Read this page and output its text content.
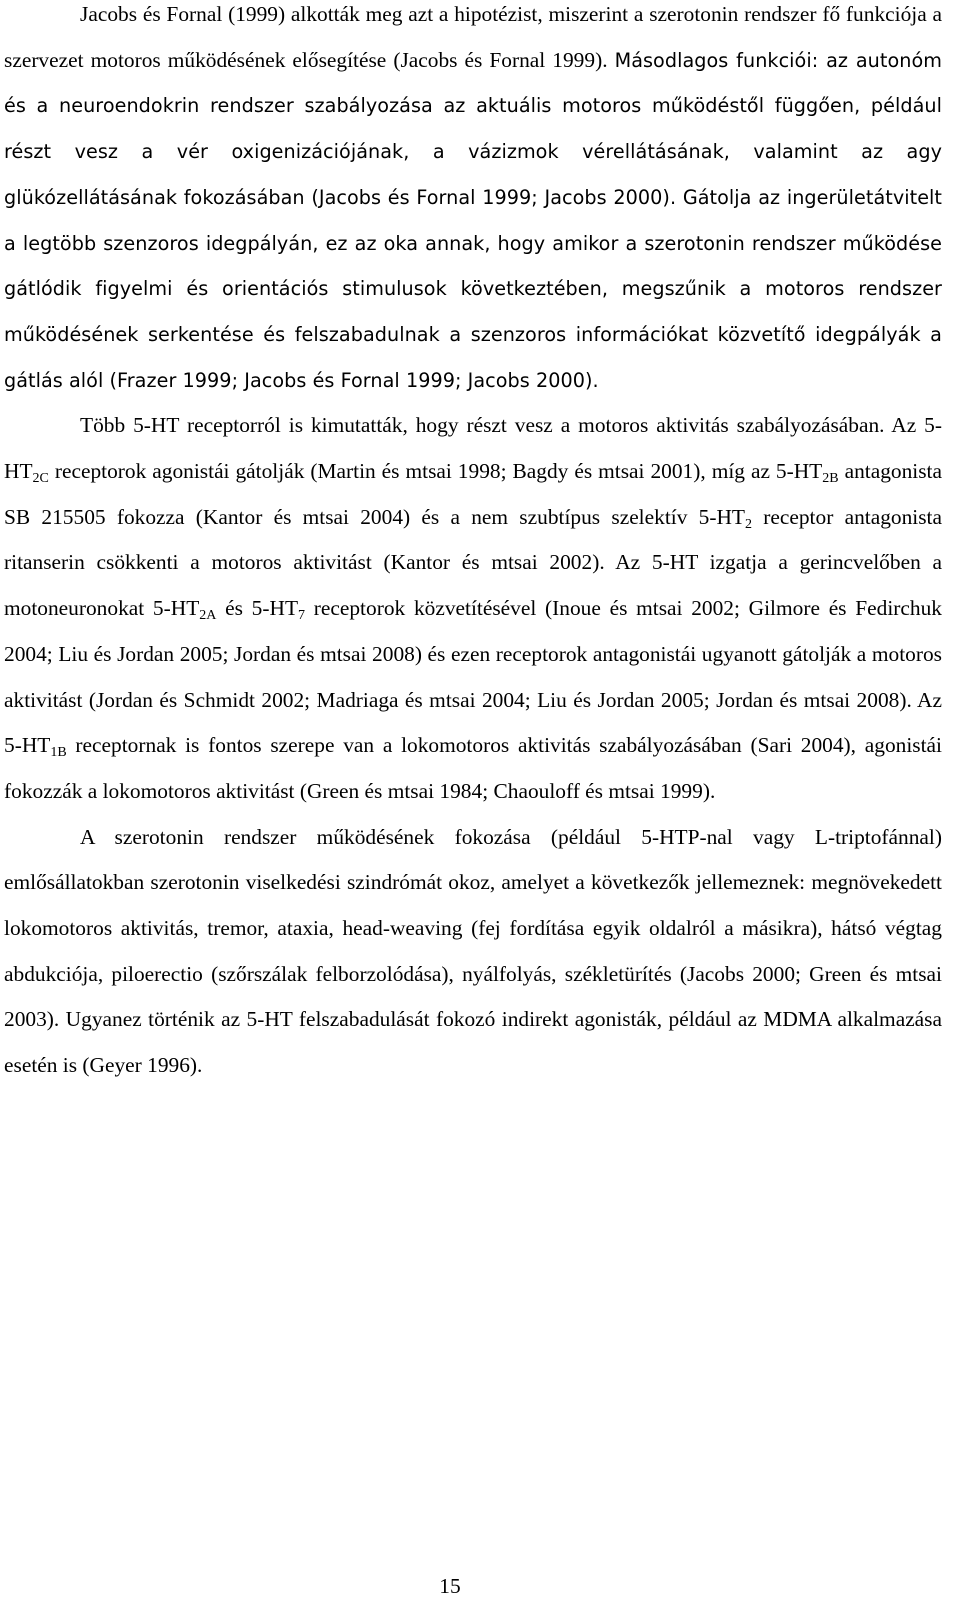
Jacobs és Fornal (1999) alkották meg azt a hipotézist, miszerint a szerotonin rendszer fő funkciója a szervezet motoros működésének elősegítése (Jacobs és Fornal 1999). Másodlagos funkciói: az autonóm és a neuroendokrin rendszer szabályozása az aktuális motoros működéstől függően, például részt vesz a vér oxigenizációjának, a vázizmok vérellátásának, valamint az agy glükózellátásának fokozásában (Jacobs és Fornal 1999; Jacobs 2000). Gátolja az ingerületátvitelt a legtöbb szenzoros idegpályán, ez az oka annak, hogy amikor a szerotonin rendszer működése gátlódik figyelmi és orientációs stimulusok következtében, megszűnik a motoros rendszer működésének serkentése és felszabadulnak a szenzoros információkat közvetítő idegpályák a gátlás alól (Frazer 1999; Jacobs és Fornal 1999; Jacobs 2000).

Több 5-HT receptorról is kimutatták, hogy részt vesz a motoros aktivitás szabályozásában. Az $5-HT_{2C}$ receptorok agonistái gátolják (Martin és mtsai 1998; Bagdy és mtsai 2001), míg az $5-HT_{2B}$ antagonista SB 215505 fokozza (Kantor és mtsai 2004) és a nem szubtípus szelektív $5-HT_2$ receptor antagonista ritanserin csökkenti a motoros aktivitást (Kantor és mtsai 2002). Az 5-HT izgatja a gerincvelőben a motoneuronokat $5-HT_{2A}$ és $5-HT_7$ receptorok közvetítésével (Inoue és mtsai 2002; Gilmore és Fedirchuk 2004; Liu és Jordan 2005; Jordan és mtsai 2008) és ezen receptorok antagonistái ugyanott gátolják a motoros aktivitást (Jordan és Schmidt 2002; Madriaga és mtsai 2004; Liu és Jordan 2005; Jordan és mtsai 2008). Az $5-HT_{1B}$ receptornak is fontos szerepe van a lokomotoros aktivitás szabályozásában (Sari 2004), agonistái fokozzák a lokomotoros aktivitást (Green és mtsai 1984; Chaouloff és mtsai 1999).

A szerotonin rendszer működésének fokozása (például 5-HTP-nal vagy L-triptofánnal) emlősállatokban szerotonin viselkedési szindrómát okoz, amelyet a következők jellemeznek: megnövekedett lokomotoros aktivitás, tremor, ataxia, head-weaving (fej fordítása egyik oldalról a másikra), hátsó végtag abdukciója, piloerectio (szőrszálak felborzolódása), nyálfolyás, székletürítés (Jacobs 2000; Green és mtsai 2003). Ugyanez történik az 5-HT felszabadulását fokozó indirekt agonisták, például az MDMA alkalmazása esetén is (Geyer 1996).

15
